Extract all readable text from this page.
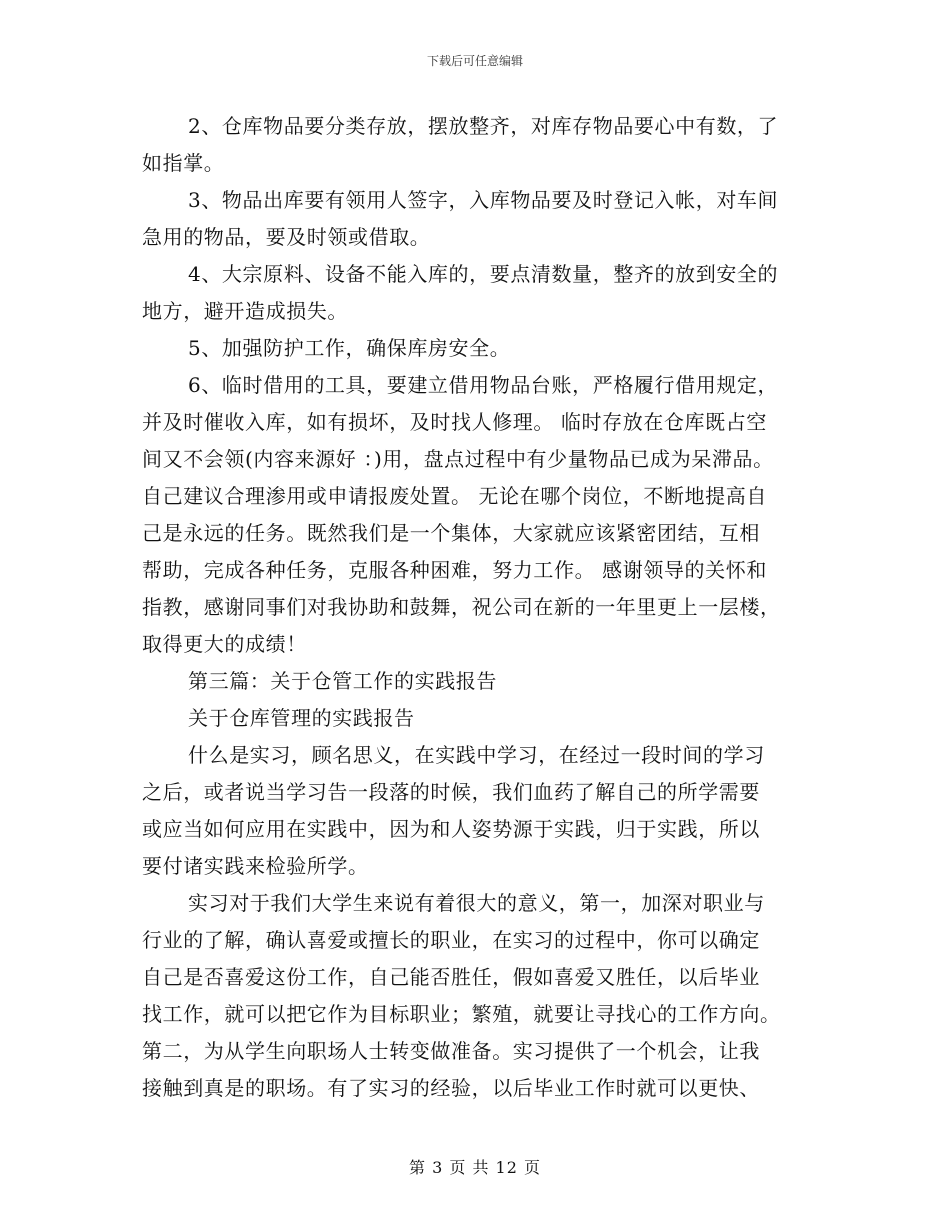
下载后可任意编辑
2、仓库物品要分类存放，摆放整齐，对库存物品要心中有数，了
如指掌。
3、物品出库要有领用人签字，入库物品要及时登记入帐，对车间
急用的物品，要及时领或借取。
4、大宗原料、设备不能入库的，要点清数量，整齐的放到安全的
地方，避开造成损失。
5、加强防护工作，确保库房安全。
6、临时借用的工具，要建立借用物品台账，严格履行借用规定，
并及时催收入库，如有损坏，及时找人修理。 临时存放在仓库既占空
间又不会领(内容来源好 ：)用，盘点过程中有少量物品已成为呆滞品。
自己建议合理渗用或申请报废处置。 无论在哪个岗位，不断地提高自
己是永远的任务。既然我们是一个集体，大家就应该紧密团结，互相
帮助，完成各种任务，克服各种困难，努力工作。 感谢领导的关怀和
指教，感谢同事们对我协助和鼓舞，祝公司在新的一年里更上一层楼，
取得更大的成绩！
第三篇：关于仓管工作的实践报告
关于仓库管理的实践报告
什么是实习，顾名思义，在实践中学习，在经过一段时间的学习
之后，或者说当学习告一段落的时候，我们血药了解自己的所学需要
或应当如何应用在实践中，因为和人姿势源于实践，归于实践，所以
要付诸实践来检验所学。
实习对于我们大学生来说有着很大的意义，第一，加深对职业与
行业的了解，确认喜爱或擅长的职业，在实习的过程中，你可以确定
自己是否喜爱这份工作，自己能否胜任，假如喜爱又胜任，以后毕业
找工作，就可以把它作为目标职业；繁殖，就要让寻找心的工作方向。
第二，为从学生向职场人士转变做准备。实习提供了一个机会，让我
接触到真是的职场。有了实习的经验，以后毕业工作时就可以更快、
第 3 页 共 12 页
